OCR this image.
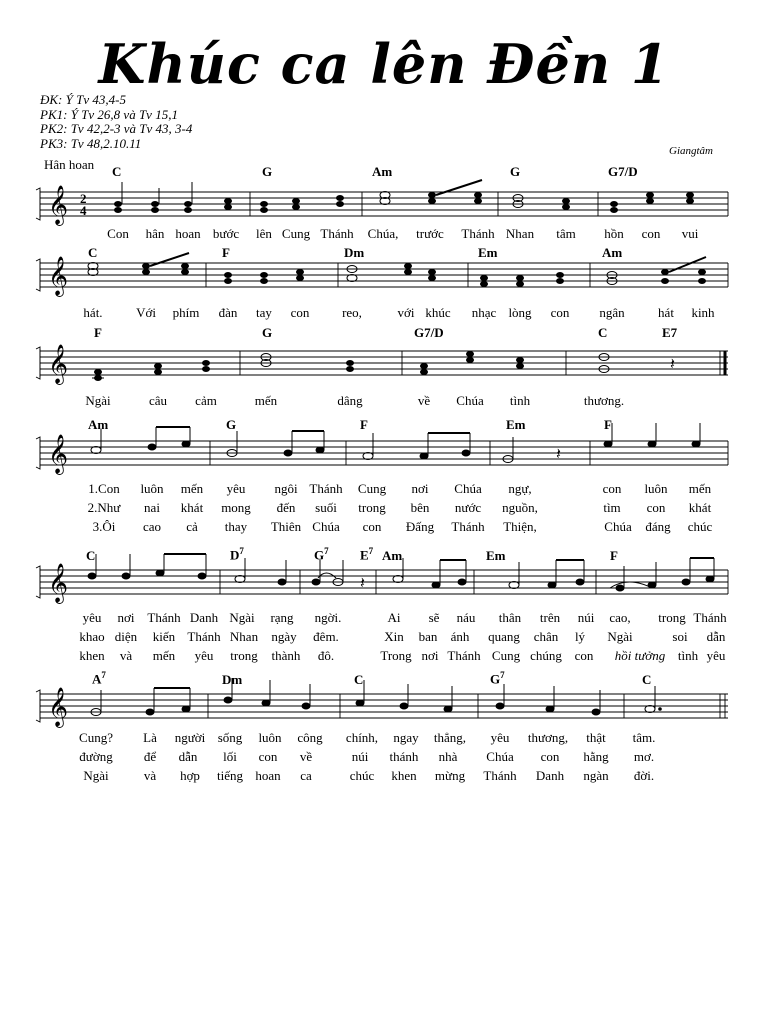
Khúc ca lên Đền 1
ĐK: Ý Tv 43,4-5
PK1: Ý Tv 26,8 và Tv 15,1
PK2: Tv 42,2-3 và Tv 43, 3-4
PK3: Tv 48,2.10.11
Giangtâm
Hân hoan
𝄞 2
4
C	G	Am	G	G7/D
Con hân hoan bước lên Cung Thánh Chúa, trước Thánh Nhan tâm hồn con vui
𝄞
C	F	Dm	Em	Am
hát.	Với phím đàn tay con	reo,	với khúc nhạc lòng con ngân	hát kinh
𝄞	𝄽
F	G	G7/D	C	E7
Ngài	câu cảm	mến	dâng	về Chúa tình	thương.
𝄞	𝄽
Am	G	F	Em	F
1.Con luôn mến yêu ngôi Thánh Cung nơi Chúa ngự,	con luôn mến
2.Như nai khát mong đến suối trong bên nước nguồn,	tìm con khát
3.Ôi cao cả thay Thiên Chúa con Đấng Thánh Thiện,	Chúa đáng chúc
𝄞	𝄽
C	$D^7$	$G^7$ $E^7$ Am	Em	F
yêu nơi Thánh Danh Ngài rạng ngời.	Ai sẽ náu thân trên núi cao, trong Thánh
khao diện kiến Thánh Nhan ngày đêm.	Xin ban ánh quang chân lý Ngài	soi dẫn
khen và mến yêu trong thành đô.	Trong nơi Thánh Cung chúng con hồi tưởng tình yêu
𝄞
$A^7$	Dm	C	$G^7$	C
Cung? Là người sống luôn công chính, ngay thẳng, yêu thương, thật tâm.
đường để dẫn lối con về	núi thánh nhà Chúa con hằng mơ.
Ngài	và hợp tiếng hoan ca	chúc khen mừng Thánh Danh ngàn đời.
